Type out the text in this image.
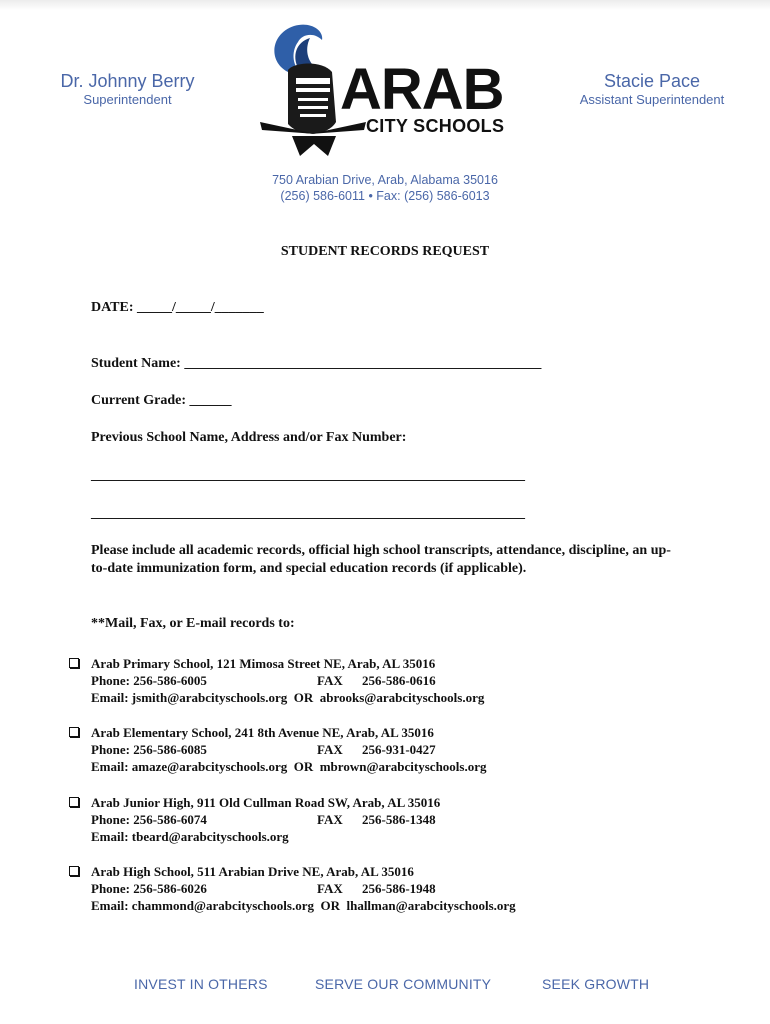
Dr. Johnny Berry
Superintendent	ARAB
CITY SCHOOLS
Stacie Pace
Assistant Superintendent
750 Arabian Drive, Arab, Alabama 35016
(256) 586-6011 • Fax: (256) 586-6013
STUDENT RECORDS REQUEST
DATE: _____/_____/_______
Student Name: ___________________________________________________
Current Grade: ______
Previous School Name, Address and/or Fax Number:
______________________________________________________________
______________________________________________________________
Please include all academic records, official high school transcripts, attendance, discipline, an up-to-date immunization form, and special education records (if applicable).
**Mail, Fax, or E-mail records to:
Arab Primary School, 121 Mimosa Street NE, Arab, AL 35016
Phone: 256-586-6005	FAX 256-586-0616
Email: jsmith@arabcityschools.org  OR  abrooks@arabcityschools.org
Arab Elementary School, 241 8th Avenue NE, Arab, AL 35016
Phone: 256-586-6085	FAX 256-931-0427
Email: amaze@arabcityschools.org  OR  mbrown@arabcityschools.org
Arab Junior High, 911 Old Cullman Road SW, Arab, AL 35016
Phone: 256-586-6074	FAX 256-586-1348
Email: tbeard@arabcityschools.org
Arab High School, 511 Arabian Drive NE, Arab, AL 35016
Phone: 256-586-6026	FAX 256-586-1948
Email: chammond@arabcityschools.org  OR  lhallman@arabcityschools.org
INVEST IN OTHERS	SERVE OUR COMMUNITY	SEEK GROWTH
